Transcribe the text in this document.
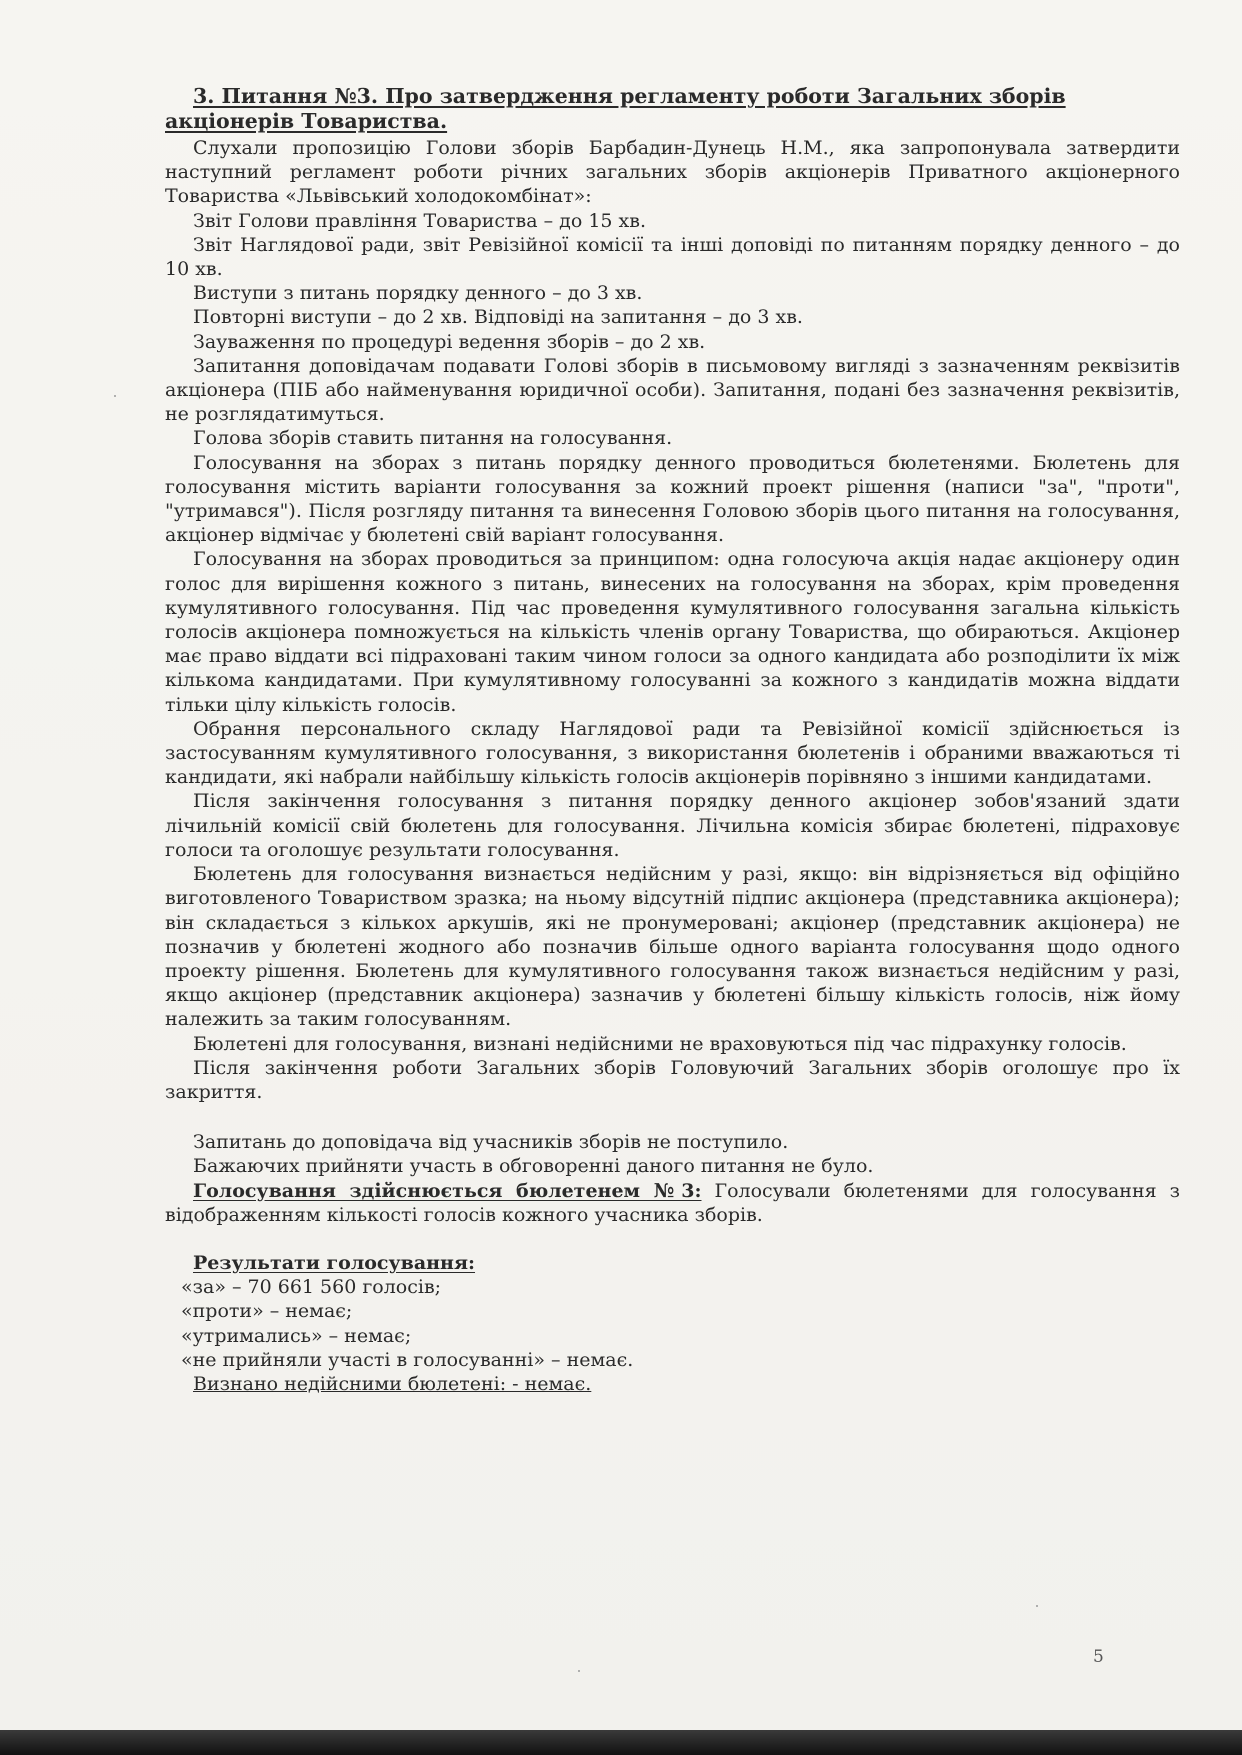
3. Питання №3. Про затвердження регламенту роботи Загальних зборів
акціонерів Товариства.

Слухали пропозицію Голови зборів Барбадин-Дунець Н.М., яка запропонувала затвердити наступний регламент роботи річних загальних зборів акціонерів Приватного акціонерного Товариства «Львівський холодокомбінат»:

Звіт Голови правління Товариства – до 15 хв.

Звіт Наглядової ради, звіт Ревізійної комісії та інші доповіді по питанням порядку денного – до 10 хв.

Виступи з питань порядку денного – до 3 хв.

Повторні виступи – до 2 хв. Відповіді на запитання – до 3 хв.

Зауваження по процедурі ведення зборів – до 2 хв.

Запитання доповідачам подавати Голові зборів в письмовому вигляді з зазначенням реквізитів акціонера (ПІБ або найменування юридичної особи). Запитання, подані без зазначення реквізитів, не розглядатимуться.

Голова зборів ставить питання на голосування.

Голосування на зборах з питань порядку денного проводиться бюлетенями. Бюлетень для голосування містить варіанти голосування за кожний проект рішення (написи "за", "проти", "утримався"). Після розгляду питання та винесення Головою зборів цього питання на голосування, акціонер відмічає у бюлетені свій варіант голосування.

Голосування на зборах проводиться за принципом: одна голосуюча акція надає акціонеру один голос для вирішення кожного з питань, винесених на голосування на зборах, крім проведення кумулятивного голосування. Під час проведення кумулятивного голосування загальна кількість голосів акціонера помножується на кількість членів органу Товариства, що обираються. Акціонер має право віддати всі підраховані таким чином голоси за одного кандидата або розподілити їх між кількома кандидатами. При кумулятивному голосуванні за кожного з кандидатів можна віддати тільки цілу кількість голосів.

Обрання персонального складу Наглядової ради та Ревізійної комісії здійснюється із застосуванням кумулятивного голосування, з використання бюлетенів і обраними вважаються ті кандидати, які набрали найбільшу кількість голосів акціонерів порівняно з іншими кандидатами.

Після закінчення голосування з питання порядку денного акціонер зобов'язаний здати лічильній комісії свій бюлетень для голосування. Лічильна комісія збирає бюлетені, підраховує голоси та оголошує результати голосування.

Бюлетень для голосування визнається недійсним у разі, якщо: він відрізняється від офіційно виготовленого Товариством зразка; на ньому відсутній підпис акціонера (представника акціонера); він складається з кількох аркушів, які не пронумеровані; акціонер (представник акціонера) не позначив у бюлетені жодного або позначив більше одного варіанта голосування щодо одного проекту рішення. Бюлетень для кумулятивного голосування також визнається недійсним у разі, якщо акціонер (представник акціонера) зазначив у бюлетені більшу кількість голосів, ніж йому належить за таким голосуванням.

Бюлетені для голосування, визнані недійсними не враховуються під час підрахунку голосів.

Після закінчення роботи Загальних зборів Головуючий Загальних зборів оголошує про їх закриття.

Запитань до доповідача від учасників зборів не поступило.

Бажаючих прийняти участь в обговоренні даного питання не було.

Голосування здійснюється бюлетенем №3: Голосували бюлетенями для голосування з відображенням кількості голосів кожного учасника зборів.

Результати голосування:

«за» – 70 661 560 голосів;

«проти» – немає;

«утримались» – немає;

«не прийняли участі в голосуванні» – немає.

Визнано недійсними бюлетені: - немає.

5
